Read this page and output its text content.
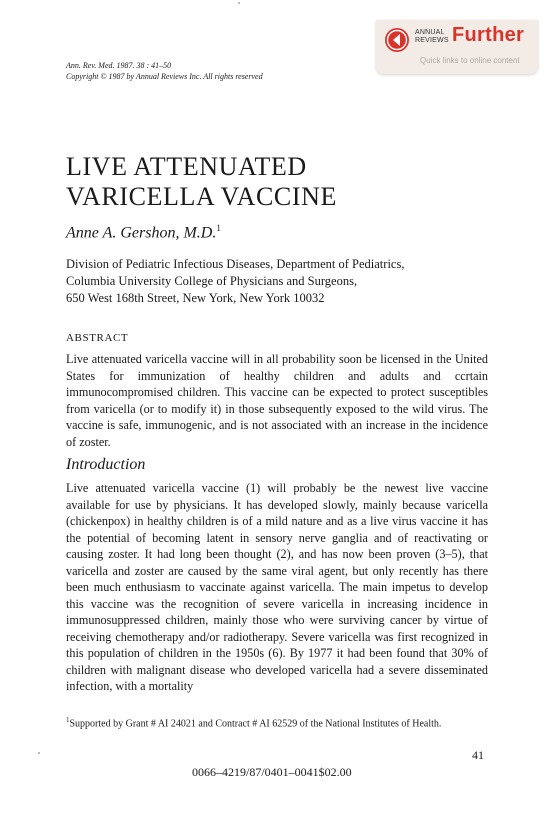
ANNUAL
REVIEWS Further
Quick links to online content
Ann. Rev. Med. 1987. 38 : 41–50
Copyright © 1987 by Annual Reviews Inc. All rights reserved
LIVE ATTENUATED
VARICELLA VACCINE
Anne A. Gershon, M.D.$^1$
Division of Pediatric Infectious Diseases, Department of Pediatrics,
Columbia University College of Physicians and Surgeons,
650 West 168th Street, New York, New York 10032
ABSTRACT
Live attenuated varicella vaccine will in all probability soon be licensed in the United States for immunization of healthy children and adults and ccrtain immunocompromised children. This vaccine can be expected to protect susceptibles from varicella (or to modify it) in those subsequently exposed to the wild virus. The vaccine is safe, immunogenic, and is not associated with an increase in the incidence of zoster.
Introduction
Live attenuated varicella vaccine (1) will probably be the newest live vaccine available for use by physicians. It has developed slowly, mainly because varicella (chickenpox) in healthy children is of a mild nature and as a live virus vaccine it has the potential of becoming latent in sensory nerve ganglia and of reactivating or causing zoster. It had long been thought (2), and has now been proven (3–5), that varicella and zoster are caused by the same viral agent, but only recently has there been much enthusiasm to vaccinate against varicella. The main impetus to develop this vaccine was the recognition of severe varicella in increasing incidence in immunosuppressed children, mainly those who were surviving cancer by virtue of receiving chemotherapy and/or radiotherapy. Severe varicella was first recognized in this population of children in the 1950s (6). By 1977 it had been found that 30% of children with malignant disease who developed varicella had a severe disseminated infection, with a mortality
$^1$Supported by Grant # AI 24021 and Contract # AI 62529 of the National Institutes of Health.
41
0066–4219/87/0401–0041$02.00
